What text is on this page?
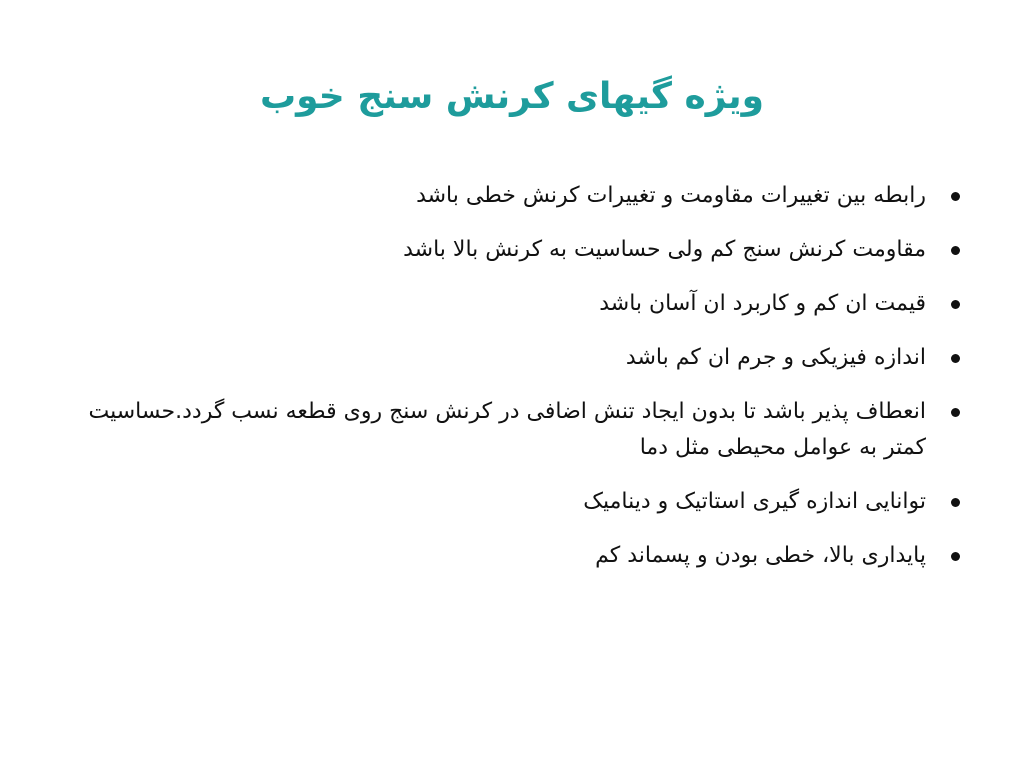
ویژه گیهای کرنش سنج خوب
رابطه بین تغییرات مقاومت و تغییرات کرنش خطی باشد
مقاومت کرنش سنج کم ولی حساسیت به کرنش بالا باشد
قیمت ان کم و کاربرد ان آسان باشد
اندازه فیزیکی و جرم ان کم باشد
انعطاف پذیر باشد تا بدون ایجاد تنش اضافی در کرنش سنج روی قطعه نسب گردد.حساسیت کمتر به عوامل محیطی مثل دما
توانایی اندازه گیری استاتیک و دینامیک
پایداری بالا، خطی بودن و پسماند کم
